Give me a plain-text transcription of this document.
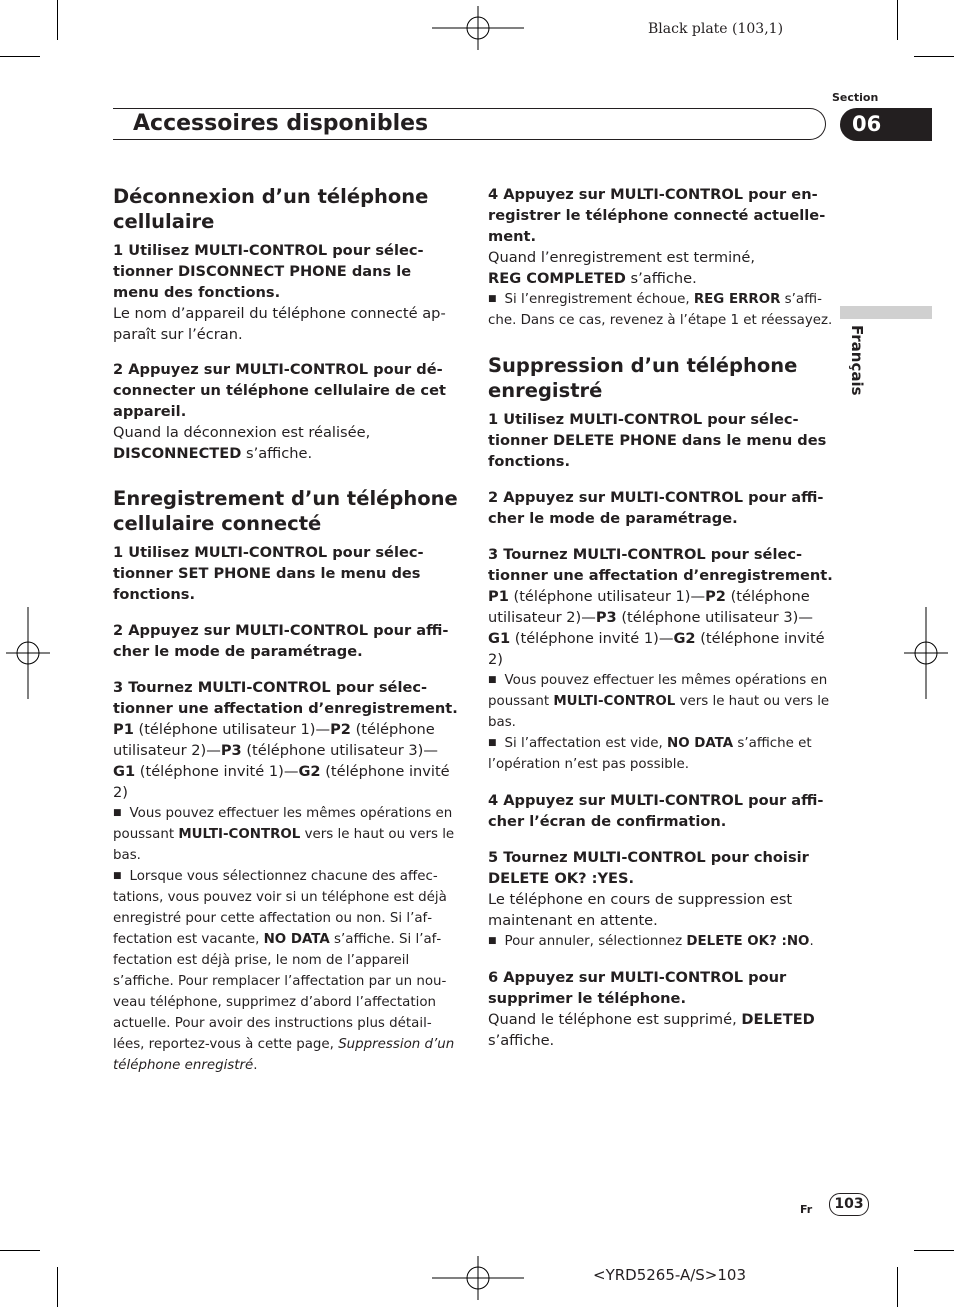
Black plate (103,1)
Section
Accessoires disponibles	06
Français
Déconnexion d’un téléphone cellulaire

1 Utilisez MULTI-CONTROL pour sélectionner DISCONNECT PHONE dans le menu des fonctions.

Le nom d’appareil du téléphone connecté apparaît sur l’écran.

2 Appuyez sur MULTI-CONTROL pour déconnecter un téléphone cellulaire de cet appareil.

Quand la déconnexion est réalisée,
DISCONNECTED s’affiche.

Enregistrement d’un téléphone cellulaire connecté

1 Utilisez MULTI-CONTROL pour sélectionner SET PHONE dans le menu des fonctions.

2 Appuyez sur MULTI-CONTROL pour afficher le mode de paramétrage.

3 Tournez MULTI-CONTROL pour sélectionner une affectation d’enregistrement.

P1 (téléphone utilisateur 1)—P2 (téléphone utilisateur 2)—P3 (téléphone utilisateur 3)—G1 (téléphone invité 1)—G2 (téléphone invité 2)

■ Vous pouvez effectuer les mêmes opérations en poussant MULTI-CONTROL vers le haut ou vers le bas.

■ Lorsque vous sélectionnez chacune des affectations, vous pouvez voir si un téléphone est déjà enregistré pour cette affectation ou non. Si l’affectation est vacante, NO DATA s’affiche. Si l’affectation est déjà prise, le nom de l’appareil s’affiche. Pour remplacer l’affectation par un nouveau téléphone, supprimez d’abord l’affectation actuelle. Pour avoir des instructions plus détaillées, reportez-vous à cette page, Suppression d’un téléphone enregistré.

4 Appuyez sur MULTI-CONTROL pour enregistrer le téléphone connecté actuellement.

Quand l’enregistrement est terminé,
REG COMPLETED s’affiche.

■ Si l’enregistrement échoue, REG ERROR s’affiche. Dans ce cas, revenez à l’étape 1 et réessayez.

Suppression d’un téléphone enregistré

1 Utilisez MULTI-CONTROL pour sélectionner DELETE PHONE dans le menu des fonctions.

2 Appuyez sur MULTI-CONTROL pour afficher le mode de paramétrage.

3 Tournez MULTI-CONTROL pour sélectionner une affectation d’enregistrement.

P1 (téléphone utilisateur 1)—P2 (téléphone utilisateur 2)—P3 (téléphone utilisateur 3)—G1 (téléphone invité 1)—G2 (téléphone invité 2)

■ Vous pouvez effectuer les mêmes opérations en poussant MULTI-CONTROL vers le haut ou vers le bas.

■ Si l’affectation est vide, NO DATA s’affiche et l’opération n’est pas possible.

4 Appuyez sur MULTI-CONTROL pour afficher l’écran de confirmation.

5 Tournez MULTI-CONTROL pour choisir DELETE OK? :YES.

Le téléphone en cours de suppression est maintenant en attente.

■ Pour annuler, sélectionnez DELETE OK? :NO.

6 Appuyez sur MULTI-CONTROL pour supprimer le téléphone.

Quand le téléphone est supprimé, DELETED
s’affiche.

Fr	103
<YRD5265-A/S>103
